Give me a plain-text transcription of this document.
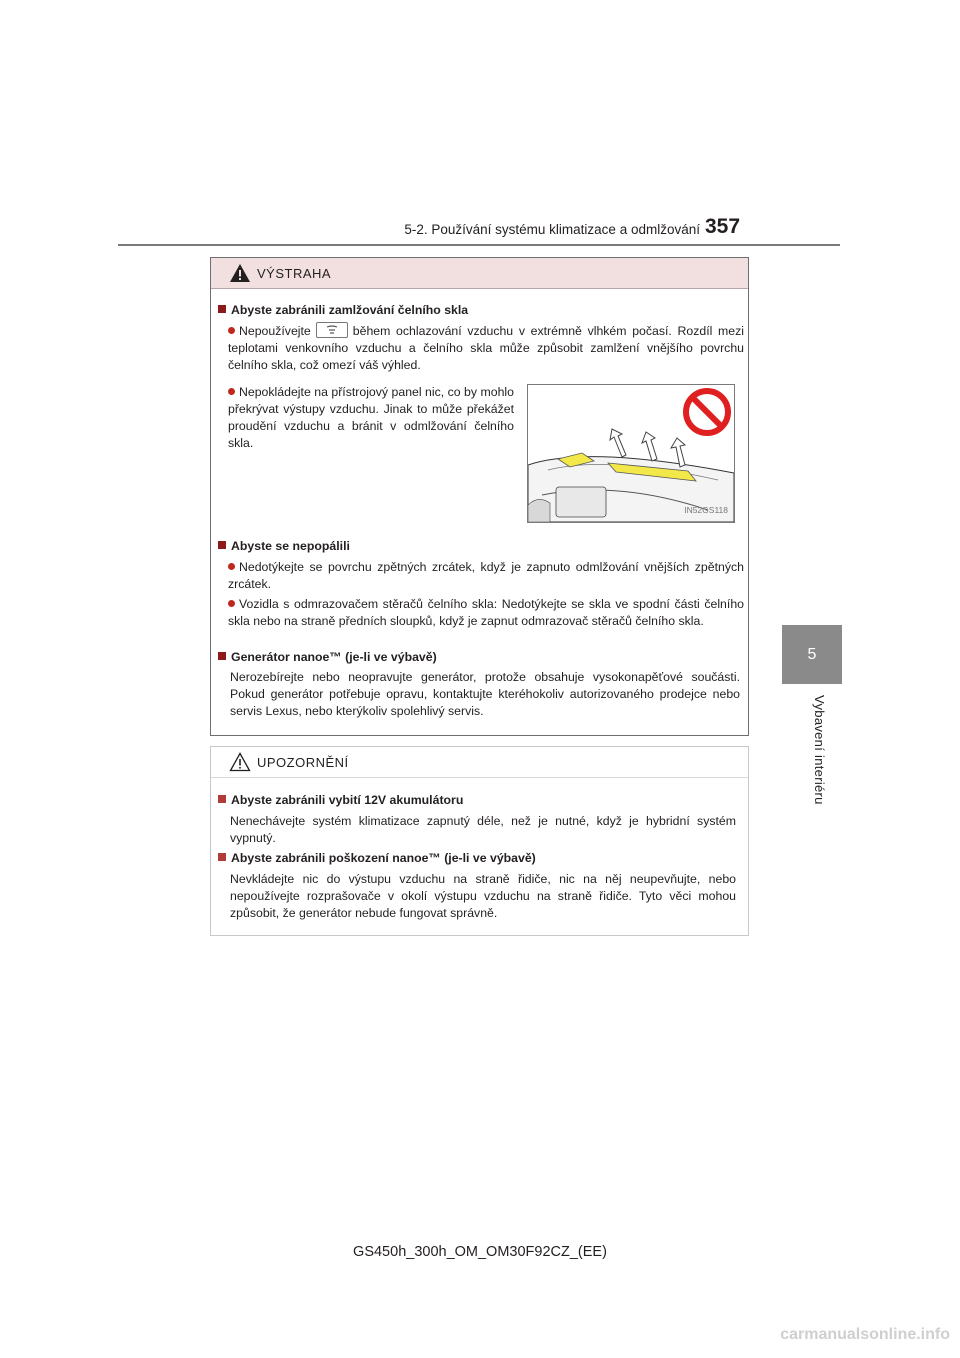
5-2. Používání systému klimatizace a odmlžování 357
5
Vybavení interiéru
VÝSTRAHA
Abyste zabránili zamlžování čelního skla
Nepoužívejte	během ochlazování vzduchu v extrémně vlhkém počasí. Rozdíl mezi teplotami venkovního vzduchu a čelního skla může způsobit zamlžení vnějšího povrchu čelního skla, což omezí váš výhled.
Nepokládejte na přístrojový panel nic, co by mohlo překrývat výstupy vzduchu. Jinak to může překážet proudění vzduchu a bránit v odmlžování čelního skla.
IN52GS118
Abyste se nepopálili
Nedotýkejte se povrchu zpětných zrcátek, když je zapnuto odmlžování vnějších zpětných zrcátek.
Vozidla s odmrazovačem stěračů čelního skla: Nedotýkejte se skla ve spodní části čelního skla nebo na straně předních sloupků, když je zapnut odmrazovač stěračů čelního skla.
Generátor nanoe™ (je-li ve výbavě)
Nerozebírejte nebo neopravujte generátor, protože obsahuje vysokonapěťové součásti. Pokud generátor potřebuje opravu, kontaktujte kteréhokoliv autorizovaného prodejce nebo servis Lexus, nebo kterýkoliv spolehlivý servis.
UPOZORNĚNÍ
Abyste zabránili vybití 12V akumulátoru
Nenechávejte systém klimatizace zapnutý déle, než je nutné, když je hybridní systém vypnutý.
Abyste zabránili poškození nanoe™ (je-li ve výbavě)
Nevkládejte nic do výstupu vzduchu na straně řidiče, nic na něj neupevňujte, nebo nepoužívejte rozprašovače v okolí výstupu vzduchu na straně řidiče. Tyto věci mohou způsobit, že generátor nebude fungovat správně.
GS450h_300h_OM_OM30F92CZ_(EE)
carmanualsonline.info
